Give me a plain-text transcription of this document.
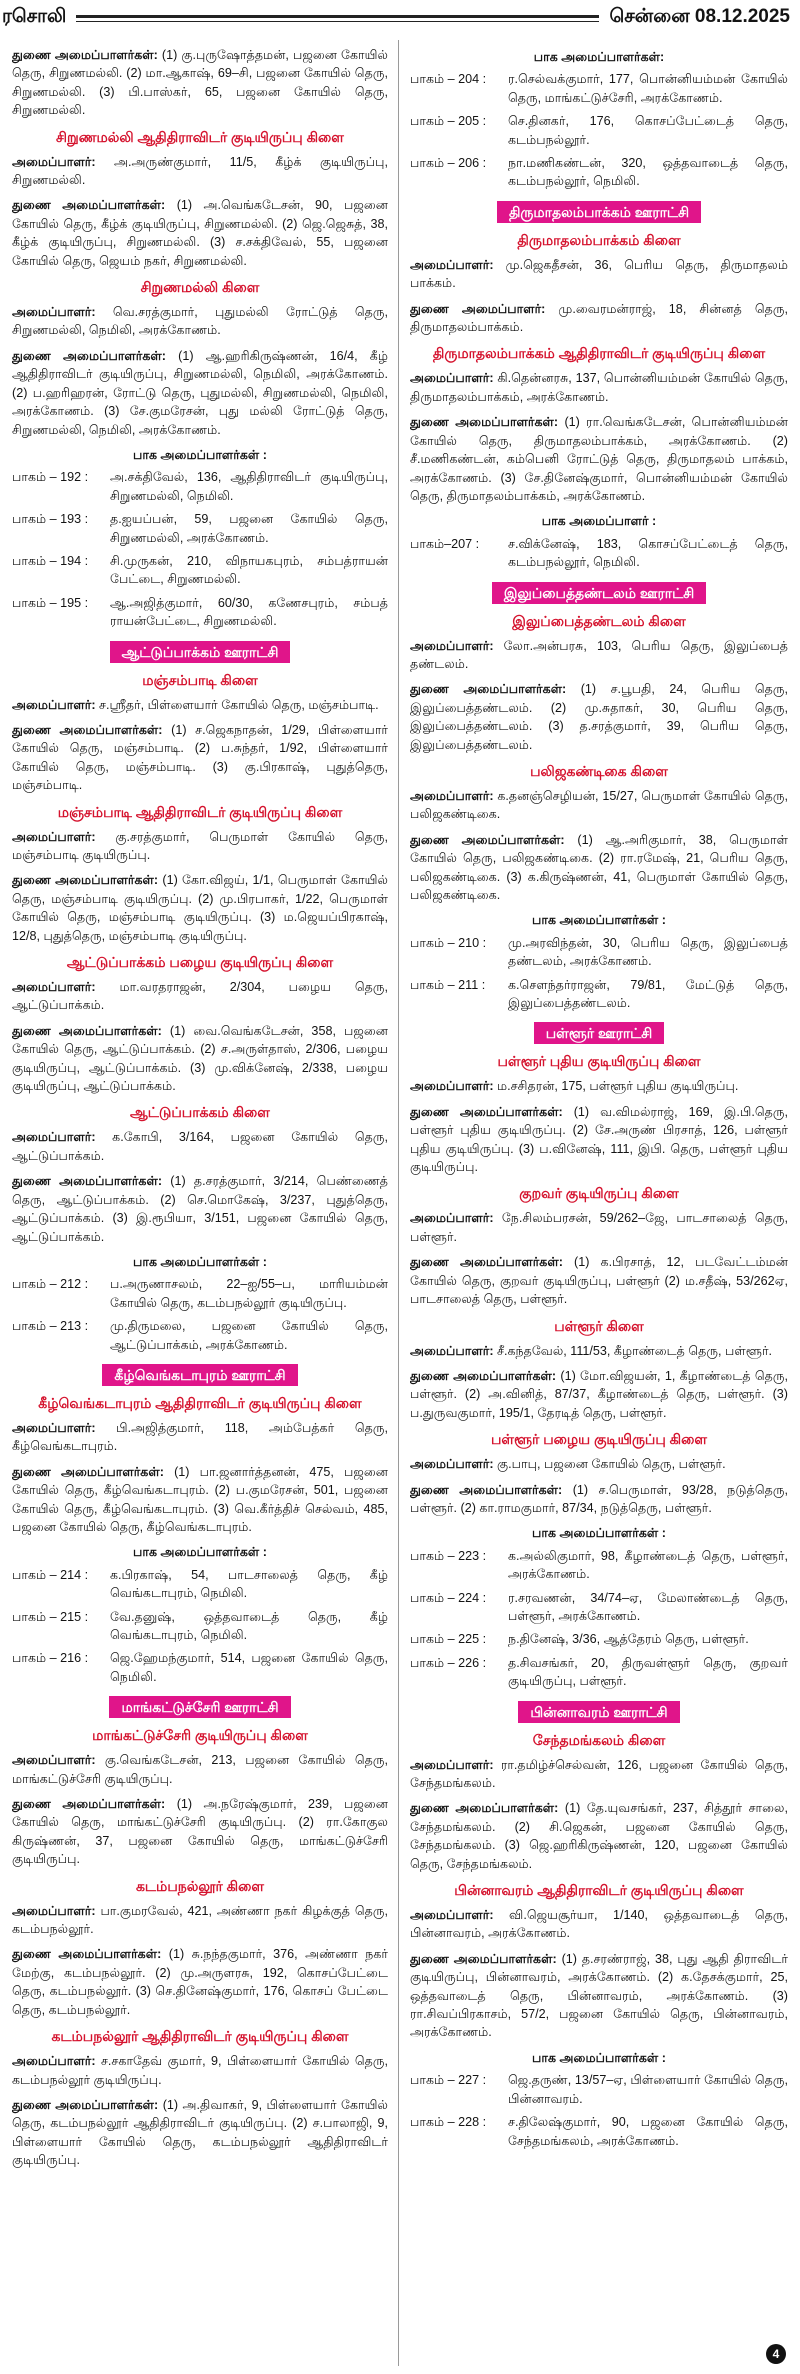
ரசொலி	சென்னை 08.12.2025

துணை அமைப்பாளர்கள்: (1) கு.புருஷோத்தமன், பஜனை கோயில் தெரு, சிறுணமல்லி. (2) மா.ஆகாஷ், 69–சி, பஜனை கோயில் தெரு, சிறுணமல்லி. (3) பி.பாஸ்கர், 65, பஜனை கோயில் தெரு, சிறுணமல்லி.

சிறுணமல்லி ஆதிதிராவிடர் குடியிருப்பு கிளை

அமைப்பாளர்: அ.அருண்குமார், 11/5, கீழ்க் குடியிருப்பு, சிறுணமல்லி.

துணை அமைப்பாளர்கள்: (1) அ.வெங்கடேசன், 90, பஜனை கோயில் தெரு, கீழ்க் குடியிருப்பு, சிறுணமல்லி. (2) ஜெ.ஜெசுத், 38, கீழ்க் குடியிருப்பு, சிறுணமல்லி. (3) ச.சக்திவேல், 55, பஜனை கோயில் தெரு, ஜெயம் நகர், சிறுணமல்லி.

சிறுணமல்லி கிளை

அமைப்பாளர்: வெ.சரத்குமார், புதுமல்லி ரோட்டுத் தெரு, சிறுணமல்லி, நெமிலி, அரக்கோணம்.

துணை அமைப்பாளர்கள்: (1) ஆ.ஹரிகிருஷ்ணன், 16/4, கீழ் ஆதிதிராவிடர் குடியிருப்பு, சிறுணமல்லி, நெமிலி, அரக்கோணம். (2) ப.ஹரிஹரன், ரோட்டு தெரு, புதுமல்லி, சிறுணமல்லி, நெமிலி, அரக்கோணம். (3) சே.குமரேசன், புது மல்லி ரோட்டுத் தெரு, சிறுணமல்லி, நெமிலி, அரக்கோணம்.

பாக அமைப்பாளர்கள் :
பாகம் – 192 :	அ.சக்திவேல், 136, ஆதிதிராவிடர் குடியிருப்பு, சிறுணமல்லி, நெமிலி.
பாகம் – 193 :	த.ஐயப்பன், 59, பஜனை கோயில் தெரு, சிறுணமல்லி, அரக்கோணம்.
பாகம் – 194 :	சி.முருகன், 210, விநாயகபுரம், சம்பத்ராயன் பேட்டை, சிறுணமல்லி.
பாகம் – 195 :	ஆ.அஜித்குமார், 60/30, கணேசபுரம், சம்பத் ராயன்பேட்டை, சிறுணமல்லி.
ஆட்டுப்பாக்கம் ஊராட்சி
மஞ்சம்பாடி கிளை

அமைப்பாளர்: ச.ஸ்ரீதர், பிள்ளையார் கோயில் தெரு, மஞ்சம்பாடி.

துணை அமைப்பாளர்கள்: (1) ச.ஜெகநாதன், 1/29, பிள்ளையார் கோயில் தெரு, மஞ்சம்பாடி. (2) ப.சுந்தர், 1/92, பிள்ளையார் கோயில் தெரு, மஞ்சம்பாடி. (3) கு.பிரகாஷ், புதுத்தெரு, மஞ்சம்பாடி.

மஞ்சம்பாடி ஆதிதிராவிடர் குடியிருப்பு கிளை

அமைப்பாளர்: கு.சரத்குமார், பெருமாள் கோயில் தெரு, மஞ்சம்பாடி குடியிருப்பு.

துணை அமைப்பாளர்கள்: (1) கோ.விஜய், 1/1, பெருமாள் கோயில் தெரு, மஞ்சம்பாடி குடியிருப்பு. (2) மு.பிரபாகர், 1/22, பெருமாள் கோயில் தெரு, மஞ்சம்பாடி குடியிருப்பு. (3) ம.ஜெயப்பிரகாஷ், 12/8, புதுத்தெரு, மஞ்சம்பாடி குடியிருப்பு.

ஆட்டுப்பாக்கம் பழைய குடியிருப்பு கிளை

அமைப்பாளர்: மா.வரதராஜன், 2/304, பழைய தெரு, ஆட்டுப்பாக்கம்.

துணை அமைப்பாளர்கள்: (1) வை.வெங்கடேசன், 358, பஜனை கோயில் தெரு, ஆட்டுப்பாக்கம். (2) ச.அருள்தாஸ், 2/306, பழைய குடியிருப்பு, ஆட்டுப்பாக்கம். (3) மு.விக்னேஷ், 2/338, பழைய குடியிருப்பு, ஆட்டுப்பாக்கம்.

ஆட்டுப்பாக்கம் கிளை

அமைப்பாளர்: க.கோபி, 3/164, பஜனை கோயில் தெரு, ஆட்டுப்பாக்கம்.

துணை அமைப்பாளர்கள்: (1) த.சரத்குமார், 3/214, பெண்ணைத் தெரு, ஆட்டுப்பாக்கம். (2) செ.மொகேஷ், 3/237, புதுத்தெரு, ஆட்டுப்பாக்கம். (3) இ.ரூபியா, 3/151, பஜனை கோயில் தெரு, ஆட்டுப்பாக்கம்.

பாக அமைப்பாளர்கள் :
பாகம் – 212 :	ப.அருணாசலம், 22–ஐ/55–ப, மாரியம்மன் கோயில் தெரு, கடம்பநல்லூர் குடியிருப்பு.
பாகம் – 213 :	மு.திருமலை, பஜனை கோயில் தெரு, ஆட்டுப்பாக்கம், அரக்கோணம்.
கீழ்வெங்கடாபுரம் ஊராட்சி
கீழ்வெங்கடாபுரம் ஆதிதிராவிடர் குடியிருப்பு கிளை

அமைப்பாளர்: பி.அஜித்குமார், 118, அம்பேத்கர் தெரு, கீழ்வெங்கடாபுரம்.

துணை அமைப்பாளர்கள்: (1) பா.ஜனார்த்தனன், 475, பஜனை கோயில் தெரு, கீழ்வெங்கடாபுரம். (2) ப.குமரேசன், 501, பஜனை கோயில் தெரு, கீழ்வெங்கடாபுரம். (3) வெ.கீர்த்திச் செல்வம், 485, பஜனை கோயில் தெரு, கீழ்வெங்கடாபுரம்.

பாக அமைப்பாளர்கள் :
பாகம் – 214 :	க.பிரகாஷ், 54, பாடசாலைத் தெரு, கீழ் வெங்கடாபுரம், நெமிலி.
பாகம் – 215 :	வே.தனுஷ், ஒத்தவாடைத் தெரு, கீழ் வெங்கடாபுரம், நெமிலி.
பாகம் – 216 :	ஜெ.ஹேமந்குமார், 514, பஜனை கோயில் தெரு, நெமிலி.
மாங்கட்டுச்சேரி ஊராட்சி
மாங்கட்டுச்சேரி குடியிருப்பு கிளை

அமைப்பாளர்: கு.வெங்கடேசன், 213, பஜனை கோயில் தெரு, மாங்கட்டுச்சேரி குடியிருப்பு.

துணை அமைப்பாளர்கள்: (1) அ.நரேஷ்குமார், 239, பஜனை கோயில் தெரு, மாங்கட்டுச்சேரி குடியிருப்பு. (2) ரா.கோகுல கிருஷ்ணன், 37, பஜனை கோயில் தெரு, மாங்கட்டுச்சேரி குடியிருப்பு.

கடம்பநல்லூர் கிளை

அமைப்பாளர்: பா.குமரவேல், 421, அண்ணா நகர் கிழக்குத் தெரு, கடம்பநல்லூர்.

துணை அமைப்பாளர்கள்: (1) சு.நந்தகுமார், 376, அண்ணா நகர் மேற்கு, கடம்பநல்லூர். (2) மு.அருளரசு, 192, கொசப்பேட்டை தெரு, கடம்பநல்லூர். (3) செ.தினேஷ்குமார், 176, கொசப் பேட்டை தெரு, கடம்பநல்லூர்.

கடம்பநல்லூர் ஆதிதிராவிடர் குடியிருப்பு கிளை

அமைப்பாளர்: ச.சகாதேவ் குமார், 9, பிள்ளையார் கோயில் தெரு, கடம்பநல்லூர் குடியிருப்பு.

துணை அமைப்பாளர்கள்: (1) அ.திவாகர், 9, பிள்ளையார் கோயில் தெரு, கடம்பநல்லூர் ஆதிதிராவிடர் குடியிருப்பு. (2) ச.பாலாஜி, 9, பிள்ளையார் கோயில் தெரு, கடம்பநல்லூர் ஆதிதிராவிடர் குடியிருப்பு.

பாக அமைப்பாளர்கள்:
பாகம் – 204 :	ர.செல்வக்குமார், 177, பொன்னியம்மன் கோயில் தெரு, மாங்கட்டுச்சேரி, அரக்கோணம்.
பாகம் – 205 :	செ.தினகர், 176, கொசப்பேட்டைத் தெரு, கடம்பநல்லூர்.
பாகம் – 206 :	நா.மணிகண்டன், 320, ஒத்தவாடைத் தெரு, கடம்பநல்லூர், நெமிலி.
திருமாதலம்பாக்கம் ஊராட்சி
திருமாதலம்பாக்கம் கிளை

அமைப்பாளர்: மு.ஜெகதீசன், 36, பெரிய தெரு, திருமாதலம் பாக்கம்.

துணை அமைப்பாளர்: மு.வைரமன்ராஜ், 18, சின்னத் தெரு, திருமாதலம்பாக்கம்.

திருமாதலம்பாக்கம் ஆதிதிராவிடர் குடியிருப்பு கிளை

அமைப்பாளர்: கி.தென்னரசு, 137, பொன்னியம்மன் கோயில் தெரு, திருமாதலம்பாக்கம், அரக்கோணம்.

துணை அமைப்பாளர்கள்: (1) ரா.வெங்கடேசன், பொன்னியம்மன் கோயில் தெரு, திருமாதலம்பாக்கம், அரக்கோணம். (2) சீ.மணிகண்டன், கம்பெனி ரோட்டுத் தெரு, திருமாதலம் பாக்கம், அரக்கோணம். (3) சே.தினேஷ்குமார், பொன்னியம்மன் கோயில் தெரு, திருமாதலம்பாக்கம், அரக்கோணம்.

பாக அமைப்பாளர் :
பாகம்–207 :	ச.விக்னேஷ், 183, கொசப்பேட்டைத் தெரு, கடம்பநல்லூர், நெமிலி.
இலுப்பைத்தண்டலம் ஊராட்சி
இலுப்பைத்தண்டலம் கிளை

அமைப்பாளர்: லோ.அன்பரசு, 103, பெரிய தெரு, இலுப்பைத் தண்டலம்.

துணை அமைப்பாளர்கள்: (1) ச.பூபதி, 24, பெரிய தெரு, இலுப்பைத்தண்டலம். (2) மு.சுதாகர், 30, பெரிய தெரு, இலுப்பைத்தண்டலம். (3) த.சரத்குமார், 39, பெரிய தெரு, இலுப்பைத்தண்டலம்.

பலிஜகண்டிகை கிளை

அமைப்பாளர்: க.தனஞ்செழியன், 15/27, பெருமாள் கோயில் தெரு, பலிஜகண்டிகை.

துணை அமைப்பாளர்கள்: (1) ஆ.அரிகுமார், 38, பெருமாள் கோயில் தெரு, பலிஜகண்டிகை. (2) ரா.ரமேஷ், 21, பெரிய தெரு, பலிஜகண்டிகை. (3) க.கிருஷ்ணன், 41, பெருமாள் கோயில் தெரு, பலிஜகண்டிகை.

பாக அமைப்பாளர்கள் :
பாகம் – 210 :	மு.அரவிந்தன், 30, பெரிய தெரு, இலுப்பைத் தண்டலம், அரக்கோணம்.
பாகம் – 211 :	க.சௌந்தர்ராஜன், 79/81, மேட்டுத் தெரு, இலுப்பைத்தண்டலம்.
பள்ளூர் ஊராட்சி
பள்ளூர் புதிய குடியிருப்பு கிளை

அமைப்பாளர்: ம.சசிதரன், 175, பள்ளூர் புதிய குடியிருப்பு.

துணை அமைப்பாளர்கள்: (1) வ.விமல்ராஜ், 169, இ.பி.தெரு, பள்ளூர் புதிய குடியிருப்பு. (2) சே.அருண் பிரசாத், 126, பள்ளூர் புதிய குடியிருப்பு. (3) ப.வினேஷ், 111, இபி. தெரு, பள்ளூர் புதிய குடியிருப்பு.

குறவர் குடியிருப்பு கிளை

அமைப்பாளர்: நே.சிலம்பரசன், 59/262–ஜே, பாடசாலைத் தெரு, பள்ளூர்.

துணை அமைப்பாளர்கள்: (1) க.பிரசாத், 12, படவேட்டம்மன் கோயில் தெரு, குறவர் குடியிருப்பு, பள்ளூர் (2) ம.சதீஷ், 53/262ஏ, பாடசாலைத் தெரு, பள்ளூர்.

பள்ளூர் கிளை

அமைப்பாளர்: சீ.கந்தவேல், 111/53, கீழாண்டைத் தெரு, பள்ளூர்.

துணை அமைப்பாளர்கள்: (1) மோ.விஜயன், 1, கீழாண்டைத் தெரு, பள்ளூர். (2) அ.வினித், 87/37, கீழாண்டைத் தெரு, பள்ளூர். (3) ப.துருவகுமார், 195/1, தேரடித் தெரு, பள்ளூர்.

பள்ளூர் பழைய குடியிருப்பு கிளை

அமைப்பாளர்: கு.பாபு, பஜனை கோயில் தெரு, பள்ளூர்.

துணை அமைப்பாளர்கள்: (1) ச.பெருமாள், 93/28, நடுத்தெரு, பள்ளூர். (2) கா.ராமகுமார், 87/34, நடுத்தெரு, பள்ளூர்.

பாக அமைப்பாளர்கள் :
பாகம் – 223 :	க.அல்லிகுமார், 98, கீழாண்டைத் தெரு, பள்ளூர், அரக்கோணம்.
பாகம் – 224 :	ர.சரவணன், 34/74–ஏ, மேலாண்டைத் தெரு, பள்ளூர், அரக்கோணம்.
பாகம் – 225 :	ந.தினேஷ், 3/36, ஆத்தேரம் தெரு, பள்ளூர்.
பாகம் – 226 :	த.சிவசங்கர், 20, திருவள்ளூர் தெரு, குறவர் குடியிருப்பு, பள்ளூர்.
பின்னாவரம் ஊராட்சி
சேந்தமங்கலம் கிளை

அமைப்பாளர்: ரா.தமிழ்ச்செல்வன், 126, பஜனை கோயில் தெரு, சேந்தமங்கலம்.

துணை அமைப்பாளர்கள்: (1) தே.யுவசங்கர், 237, சித்தூர் சாலை, சேந்தமங்கலம். (2) சி.ஜெகன், பஜனை கோயில் தெரு, சேந்தமங்கலம். (3) ஜெ.ஹரிகிருஷ்ணன், 120, பஜனை கோயில் தெரு, சேந்தமங்கலம்.

பின்னாவரம் ஆதிதிராவிடர் குடியிருப்பு கிளை

அமைப்பாளர்: வி.ஜெயசூர்யா, 1/140, ஒத்தவாடைத் தெரு, பின்னாவரம், அரக்கோணம்.

துணை அமைப்பாளர்கள்: (1) த.சரண்ராஜ், 38, புது ஆதி திராவிடர் குடியிருப்பு, பின்னாவரம், அரக்கோணம். (2) க.தேசக்குமார், 25, ஒத்தவாடைத் தெரு, பின்னாவரம், அரக்கோணம். (3) ரா.சிவப்பிரகாசம், 57/2, பஜனை கோயில் தெரு, பின்னாவரம், அரக்கோணம்.

பாக அமைப்பாளர்கள் :
பாகம் – 227 :	ஜெ.தருண், 13/57–ஏ, பிள்ளையார் கோயில் தெரு, பின்னாவரம்.
பாகம் – 228 :	ச.திலேஷ்குமார், 90, பஜனை கோயில் தெரு, சேந்தமங்கலம், அரக்கோணம்.
4
